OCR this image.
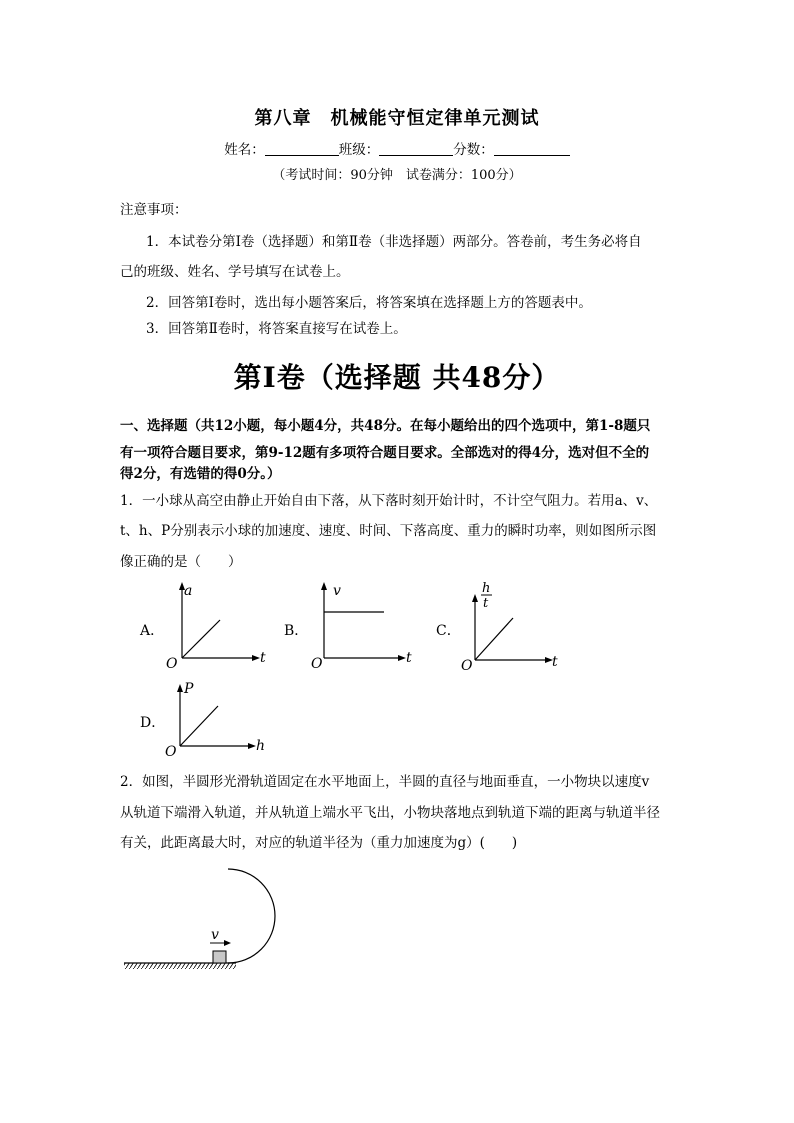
第八章　机械能守恒定律单元测试
姓名：	班级：	分数：
（考试时间：90分钟　试卷满分：100分）
注意事项：
1．本试卷分第Ⅰ卷（选择题）和第Ⅱ卷（非选择题）两部分。答卷前，考生务必将自
己的班级、姓名、学号填写在试卷上。
2．回答第Ⅰ卷时，选出每小题答案后，将答案填在选择题上方的答题表中。
3．回答第Ⅱ卷时，将答案直接写在试卷上。
第Ⅰ卷（选择题 共48分）
一、选择题（共12小题，每小题4分，共48分。在每小题给出的四个选项中，第1-8题只
有一项符合题目要求，第9-12题有多项符合题目要求。全部选对的得4分，选对但不全的
得2分，有选错的得0分。）
1．一小球从高空由静止开始自由下落，从下落时刻开始计时，不计空气阻力。若用a、v、
t、h、P分别表示小球的加速度、速度、时间、下落高度、重力的瞬时功率，则如图所示图
像正确的是（　　）
A．
a
t
O
B．
v
t
O
C．
h
t
t
O
D．
P
h
O
2．如图，半圆形光滑轨道固定在水平地面上，半圆的直径与地面垂直，一小物块以速度v
从轨道下端滑入轨道，并从轨道上端水平飞出，小物块落地点到轨道下端的距离与轨道半径
有关，此距离最大时，对应的轨道半径为（重力加速度为g）(　　)
v
